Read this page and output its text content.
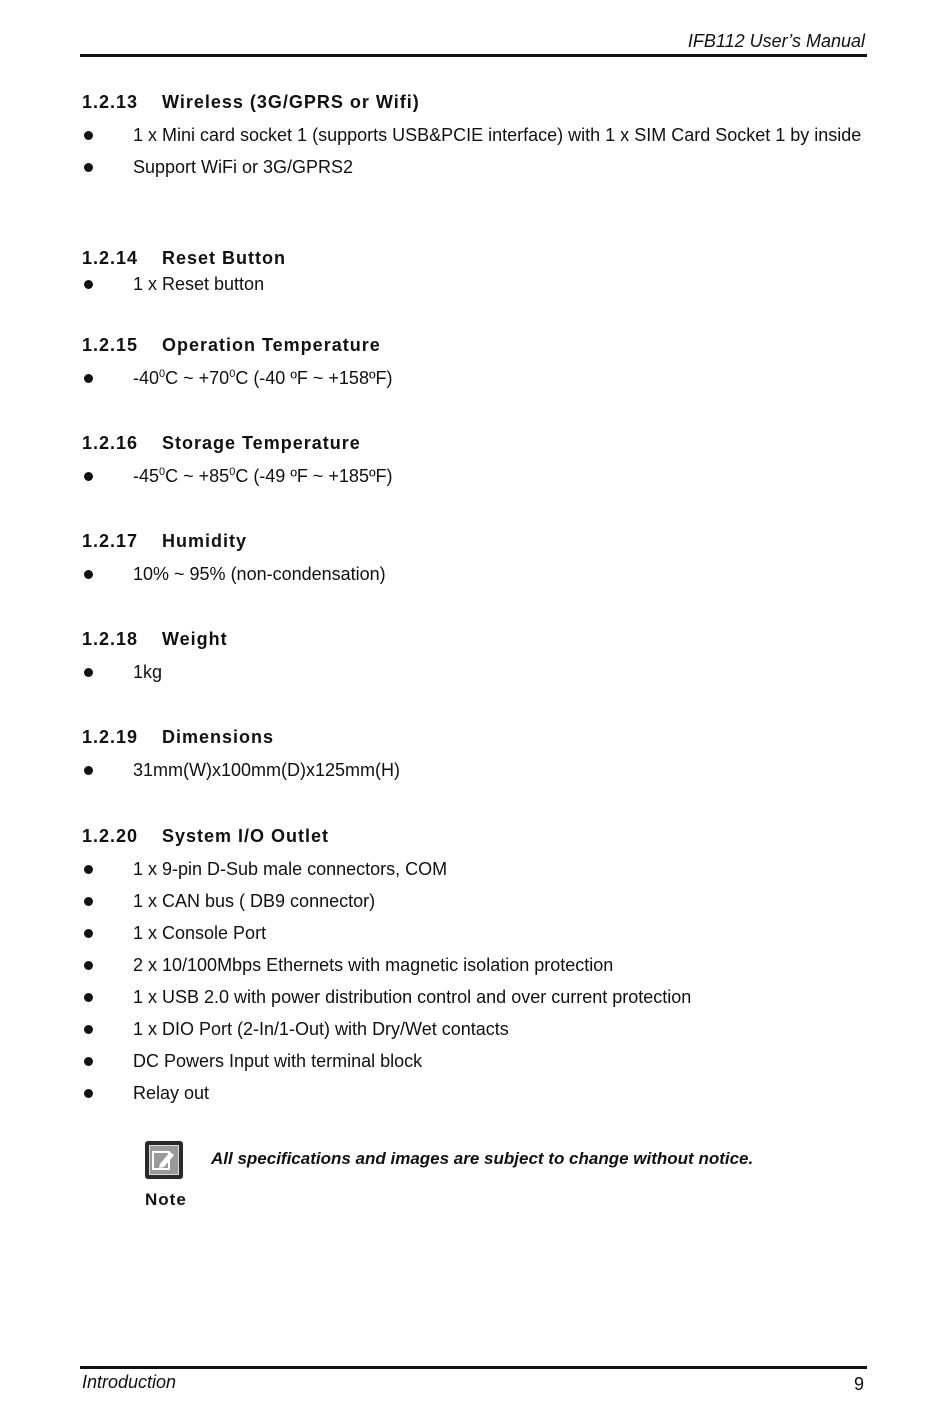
IFB112 User’s Manual
1.2.13 Wireless (3G/GPRS or Wifi)
1 x Mini card socket 1 (supports USB&PCIE interface) with 1 x SIM Card Socket 1 by inside
Support WiFi or 3G/GPRS2
1.2.14 Reset Button
1 x Reset button
1.2.15 Operation Temperature
$-40^0C$ ~ $+70^0C$ (-40 ºF ~ +158ºF)
1.2.16 Storage Temperature
$-45^0C$ ~ $+85^0C$ (-49 ºF ~ +185ºF)
1.2.17 Humidity
10% ~ 95% (non-condensation)
1.2.18 Weight
1kg
1.2.19 Dimensions
31mm(W)x100mm(D)x125mm(H)
1.2.20 System I/O Outlet
1 x 9-pin D-Sub male connectors, COM
1 x CAN bus ( DB9 connector)
1 x Console Port
2 x 10/100Mbps Ethernets with magnetic isolation protection
1 x USB 2.0 with power distribution control and over current protection
1 x DIO Port (2-In/1-Out) with Dry/Wet contacts
DC Powers Input with terminal block
Relay out
Note
All specifications and images are subject to change without notice.
Introduction	9
